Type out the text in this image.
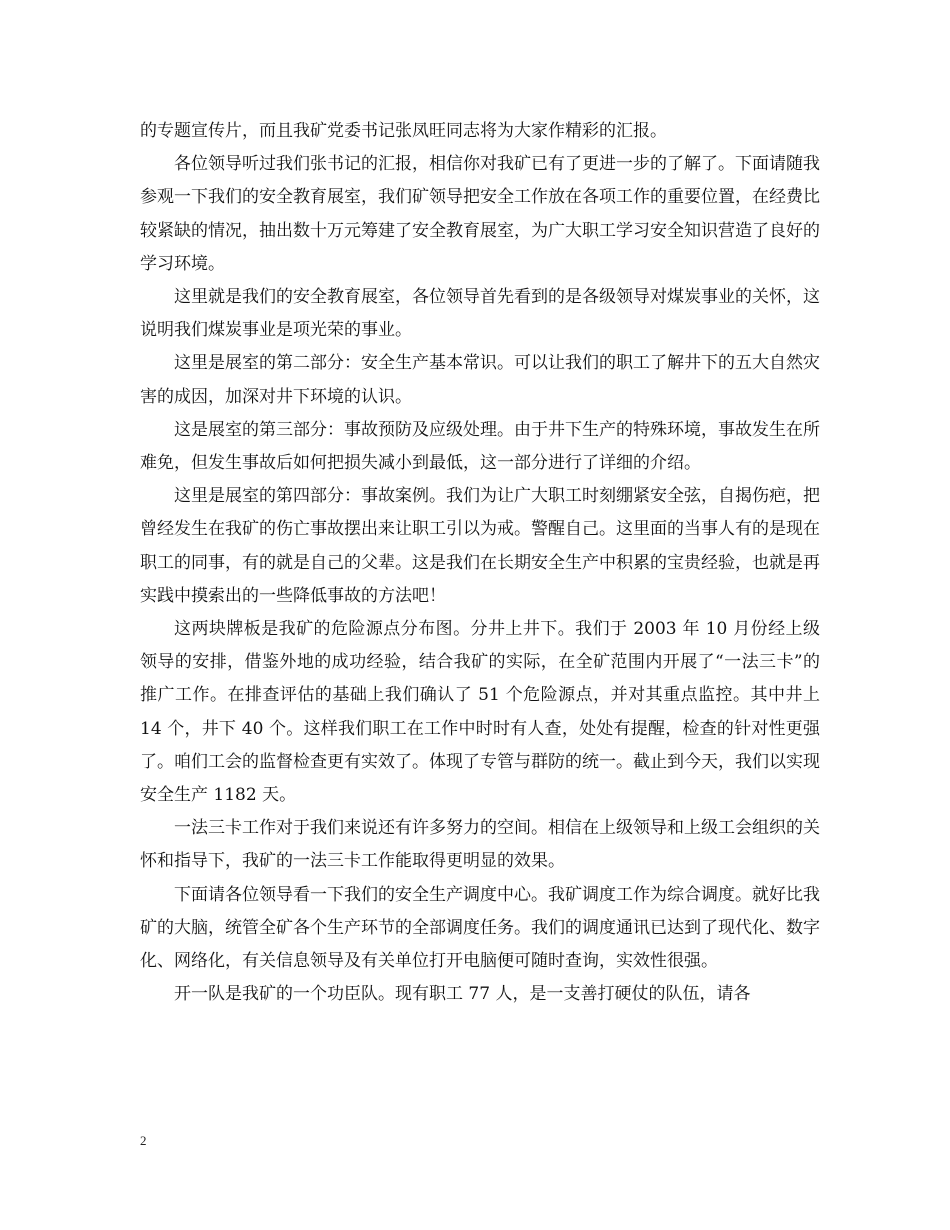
的专题宣传片，而且我矿党委书记张凤旺同志将为大家作精彩的汇报。

各位领导听过我们张书记的汇报，相信你对我矿已有了更进一步的了解了。下面请随我参观一下我们的安全教育展室，我们矿领导把安全工作放在各项工作的重要位置，在经费比较紧缺的情况，抽出数十万元筹建了安全教育展室，为广大职工学习安全知识营造了良好的学习环境。

这里就是我们的安全教育展室，各位领导首先看到的是各级领导对煤炭事业的关怀，这说明我们煤炭事业是项光荣的事业。

这里是展室的第二部分：安全生产基本常识。可以让我们的职工了解井下的五大自然灾害的成因，加深对井下环境的认识。

这是展室的第三部分：事故预防及应级处理。由于井下生产的特殊环境，事故发生在所难免，但发生事故后如何把损失减小到最低，这一部分进行了详细的介绍。

这里是展室的第四部分：事故案例。我们为让广大职工时刻绷紧安全弦，自揭伤疤，把曾经发生在我矿的伤亡事故摆出来让职工引以为戒。警醒自己。这里面的当事人有的是现在职工的同事，有的就是自己的父辈。这是我们在长期安全生产中积累的宝贵经验，也就是再实践中摸索出的一些降低事故的方法吧！

这两块牌板是我矿的危险源点分布图。分井上井下。我们于 2003 年 10 月份经上级领导的安排，借鉴外地的成功经验，结合我矿的实际，在全矿范围内开展了“一法三卡”的推广工作。在排查评估的基础上我们确认了 51 个危险源点，并对其重点监控。其中井上 14 个，井下 40 个。这样我们职工在工作中时时有人查，处处有提醒，检查的针对性更强了。咱们工会的监督检查更有实效了。体现了专管与群防的统一。截止到今天，我们以实现安全生产 1182 天。

一法三卡工作对于我们来说还有许多努力的空间。相信在上级领导和上级工会组织的关怀和指导下，我矿的一法三卡工作能取得更明显的效果。

下面请各位领导看一下我们的安全生产调度中心。我矿调度工作为综合调度。就好比我矿的大脑，统管全矿各个生产环节的全部调度任务。我们的调度通讯已达到了现代化、数字化、网络化，有关信息领导及有关单位打开电脑便可随时查询，实效性很强。

开一队是我矿的一个功臣队。现有职工 77 人，是一支善打硬仗的队伍，请各

2
